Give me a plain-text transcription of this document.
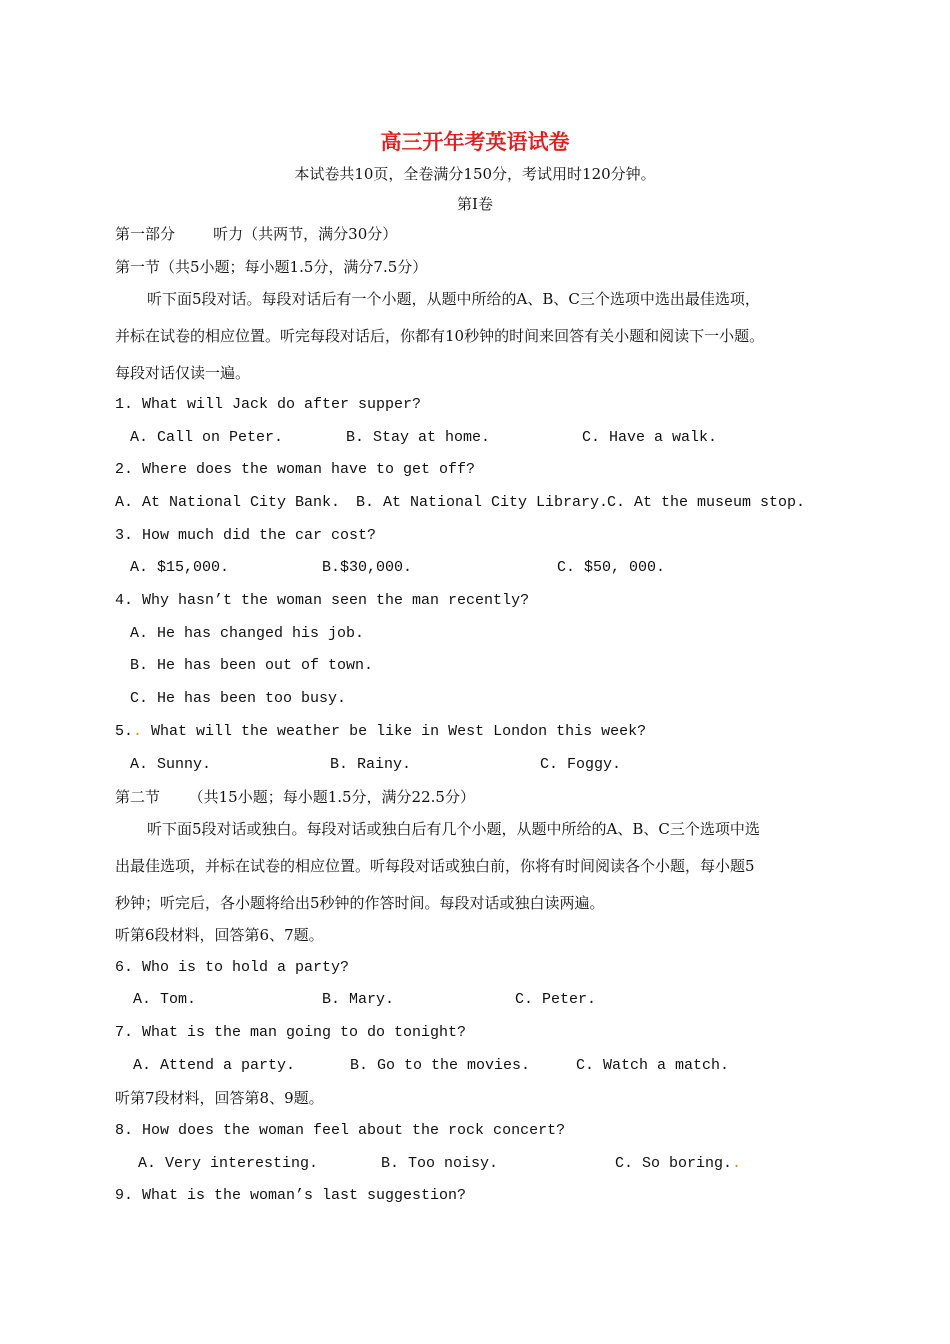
高三开年考英语试卷
本试卷共10页，全卷满分150分，考试用时120分钟。
第I卷
第一部分        听力（共两节，满分30分）
第一节（共5小题；每小题1.5分，满分7.5分）
听下面5段对话。每段对话后有一个小题，从题中所给的A、B、C三个选项中选出最佳选项，
并标在试卷的相应位置。听完每段对话后，你都有10秒钟的时间来回答有关小题和阅读下一小题。
每段对话仅读一遍。
1. What will Jack do after supper?
A. Call on Peter.	B. Stay at home.	C. Have a walk.
2. Where does the woman have to get off?
A. At National City Bank. B. At National City Library.
C. At the museum stop.
3. How much did the car cost?
A. $15,000.	B.$30,000.	C. $50, 000.
4. Why hasn’t the woman seen the man recently?
A. He has changed his job.
B. He has been out of town.
C. He has been too busy.
5.. What will the weather be like in West London this week?
A. Sunny.	B. Rainy.	C. Foggy.
第二节      （共15小题；每小题1.5分，满分22.5分）
听下面5段对话或独白。每段对话或独白后有几个小题，从题中所给的A、B、C三个选项中选
出最佳选项，并标在试卷的相应位置。听每段对话或独白前，你将有时间阅读各个小题，每小题5
秒钟；听完后，各小题将给出5秒钟的作答时间。每段对话或独白读两遍。
听第6段材料，回答第6、7题。
6. Who is to hold a party?
A. Tom.	B. Mary.	C. Peter.
7. What is the man going to do tonight?
A. Attend a party.	B. Go to the movies.	C. Watch a match.
听第7段材料，回答第8、9题。
8. How does the woman feel about the rock concert?
A. Very interesting.	B. Too noisy.	C. So boring..
9. What is the woman’s last suggestion?
